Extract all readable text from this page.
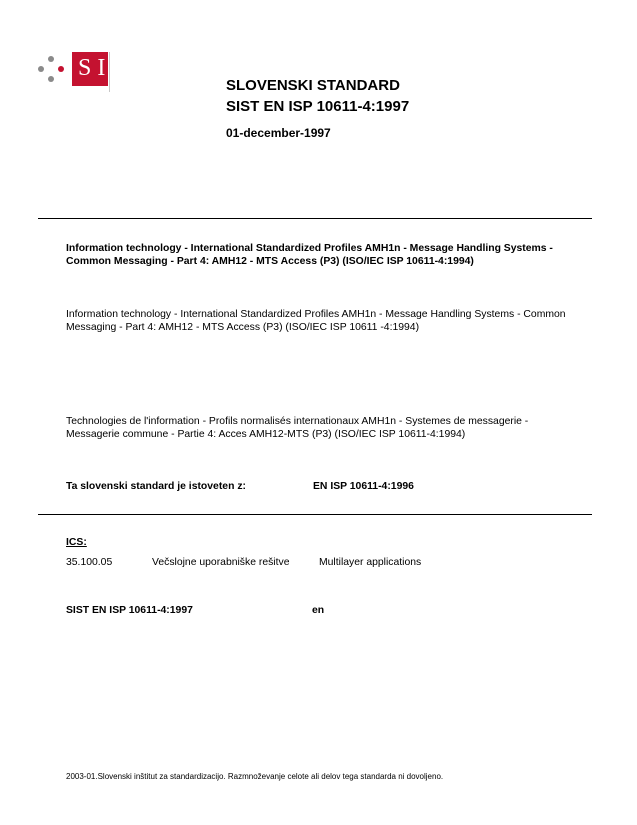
SIST

SLOVENSKI STANDARD

SIST EN ISP 10611-4:1997

01-december-1997

Information technology - International Standardized Profiles AMH1n - Message Handling Systems - Common Messaging - Part 4: AMH12 - MTS Access (P3) (ISO/IEC ISP 10611-4:1994)
Information technology - International Standardized Profiles AMH1n - Message Handling Systems - Common Messaging - Part 4: AMH12 - MTS Access (P3) (ISO/IEC ISP 10611 -4:1994)
Technologies de l'information - Profils normalisés internationaux AMH1n - Systemes de messagerie - Messagerie commune - Partie 4: Acces AMH12-MTS (P3) (ISO/IEC ISP 10611-4:1994)
Ta slovenski standard je istoveten z:	EN ISP 10611-4:1996
ICS:
35.100.05	Večslojne uporabniške rešitve	Multilayer applications
SIST EN ISP 10611-4:1997	en
2003-01.Slovenski inštitut za standardizacijo. Razmnoževanje celote ali delov tega standarda ni dovoljeno.
